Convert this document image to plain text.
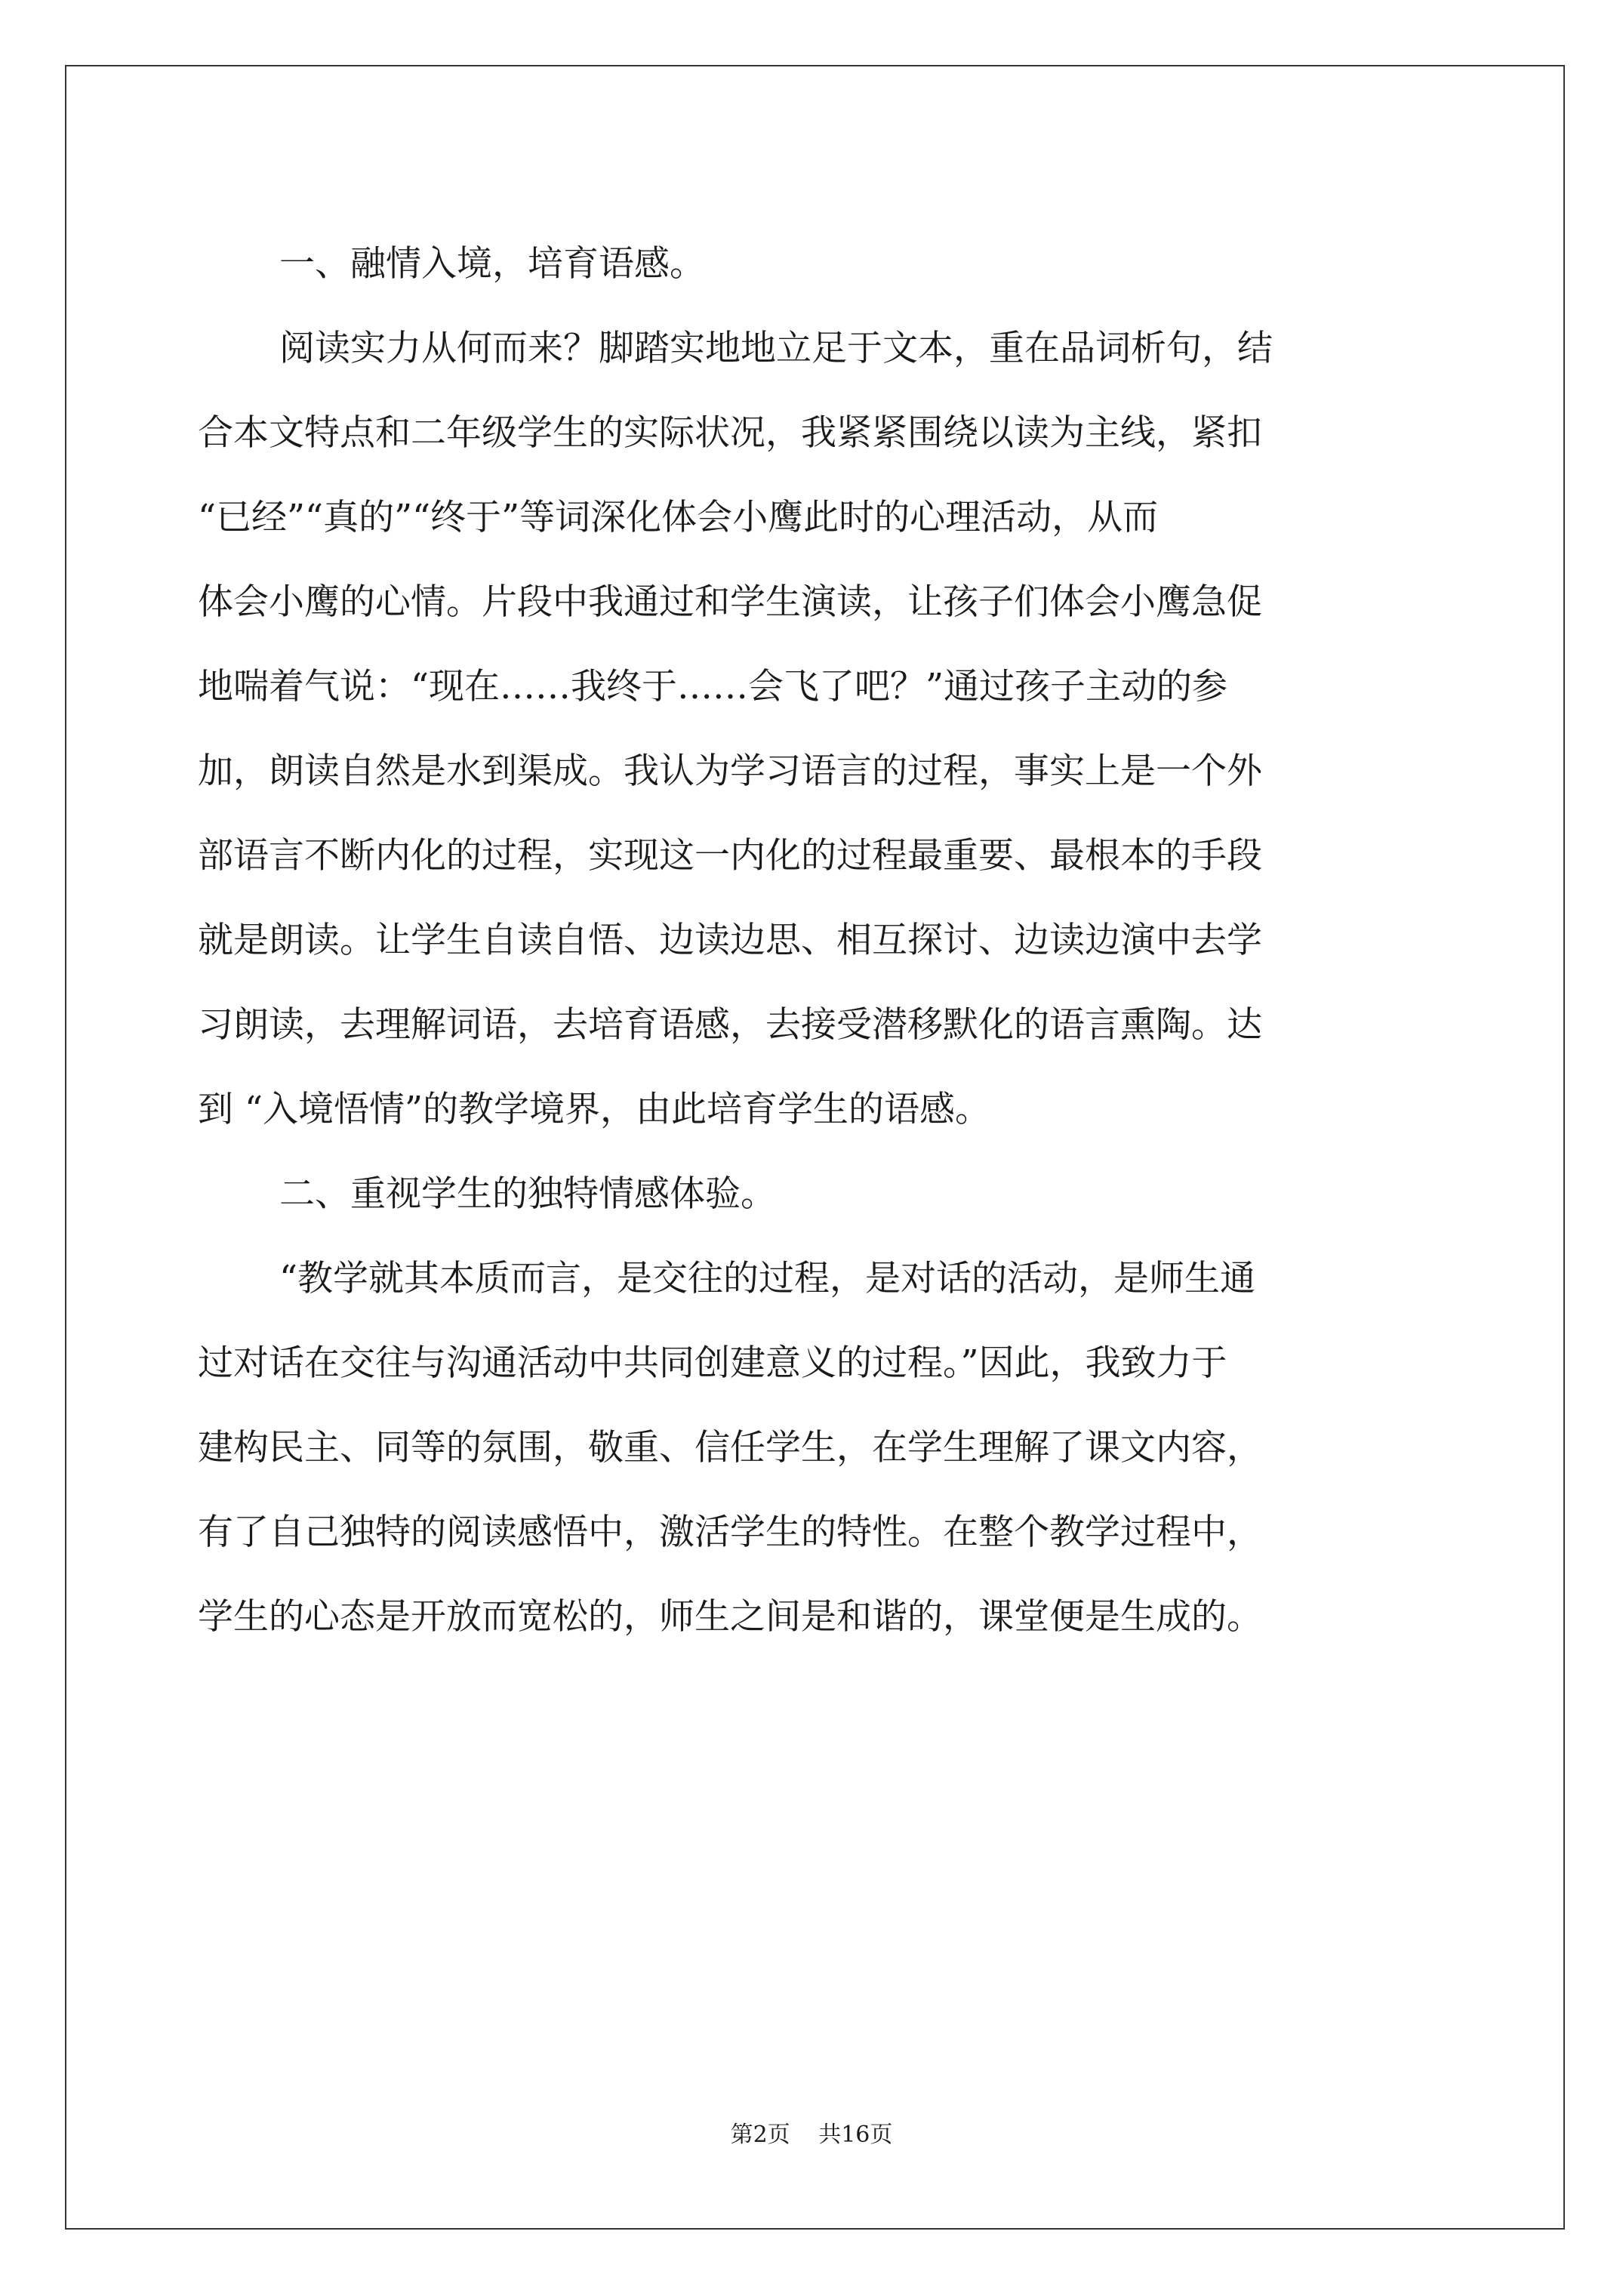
一、融情入境，培育语感。
阅读实力从何而来？脚踏实地地立足于文本，重在品词析句，结
合本文特点和二年级学生的实际状况，我紧紧围绕以读为主线，紧扣
“已经”“真的”“终于”等词深化体会小鹰此时的心理活动，从而
体会小鹰的心情。片段中我通过和学生演读，让孩子们体会小鹰急促
地喘着气说：“现在……我终于……会飞了吧？”通过孩子主动的参
加，朗读自然是水到渠成。我认为学习语言的过程，事实上是一个外
部语言不断内化的过程，实现这一内化的过程最重要、最根本的手段
就是朗读。让学生自读自悟、边读边思、相互探讨、边读边演中去学
习朗读，去理解词语，去培育语感，去接受潜移默化的语言熏陶。达
到 “入境悟情”的教学境界，由此培育学生的语感。
二、重视学生的独特情感体验。
“教学就其本质而言，是交往的过程，是对话的活动，是师生通
过对话在交往与沟通活动中共同创建意义的过程。”因此，我致力于
建构民主、同等的氛围，敬重、信任学生，在学生理解了课文内容，
有了自己独特的阅读感悟中，激活学生的特性。在整个教学过程中，
学生的心态是开放而宽松的，师生之间是和谐的，课堂便是生成的。
第2页 共16页
